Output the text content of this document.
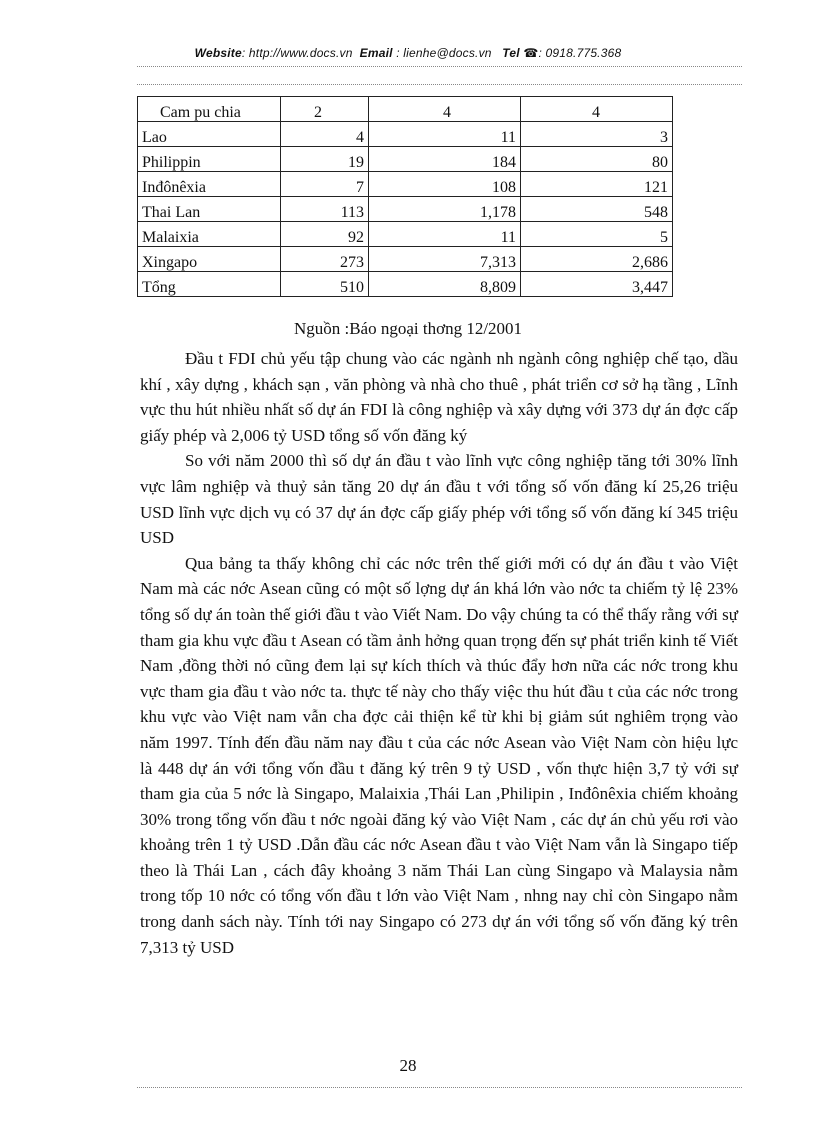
Website: http://www.docs.vn Email : lienhe@docs.vn Tel ☎: 0918.775.368
Cam pu chia	2	4	4
Lao	4	11	3
Philippin	19	184	80
Inđônêxia	7	108	121
Thai Lan	113	1,178	548
Malaixia	92	11	5
Xingapo	273	7,313	2,686
Tổng	510	8,809	3,447
Nguồn :Báo ngoại thơng 12/2001

Đầu t FDI chủ yếu tập chung vào các ngành nh ngành công nghiệp chế tạo, dầu khí , xây dựng , khách sạn , văn phòng và nhà cho thuê , phát triển cơ sở hạ tầng , Lĩnh vực thu hút nhiều nhất số dự án FDI là công nghiệp và xây dựng với 373 dự án đợc cấp giấy phép và 2,006 tỷ USD tổng số vốn đăng ký

So với năm 2000 thì số dự án đầu t vào lĩnh vực công nghiệp tăng tới 30% lĩnh vực lâm nghiệp và thuỷ sản tăng 20 dự án đầu t với tổng số vốn đăng kí 25,26 triệu USD lĩnh vực dịch vụ có 37 dự án đợc cấp giấy phép với tổng số vốn đăng kí 345 triệu USD

Qua bảng ta thấy không chỉ các nớc trên thế giới mới có dự án đầu t vào Việt Nam mà các nớc Asean cũng có một số lợng dự án khá lớn vào nớc ta chiếm tỷ lệ 23% tổng số dự án toàn thế giới đầu t vào Viết Nam. Do vậy chúng ta có thể thấy rằng với sự tham gia khu vực đầu t Asean có tầm ảnh hởng quan trọng đến sự phát triển kinh tế Viết Nam ,đồng thời nó cũng đem lại sự kích thích và thúc đẩy hơn nữa các nớc trong khu vực tham gia đầu t vào nớc ta. thực tế này cho thấy việc thu hút đầu t của các nớc trong khu vực vào Việt nam vẫn cha đợc cải thiện kể từ khi bị giảm sút nghiêm trọng vào năm 1997. Tính đến đầu năm nay đầu t của các nớc Asean vào Việt Nam còn hiệu lực là 448 dự án với tổng vốn đầu t đăng ký trên 9 tỷ USD , vốn thực hiện 3,7 tỷ với sự tham gia của 5 nớc là Singapo, Malaixia ,Thái Lan ,Philipin , Inđônêxia chiếm khoảng 30% trong tổng vốn đầu t nớc ngoài đăng ký vào Việt Nam , các dự án chủ yếu rơi vào khoảng trên 1 tỷ USD .Dẫn đầu các nớc Asean đầu t vào Việt Nam vẫn là Singapo tiếp theo là Thái Lan , cách đây khoảng 3 năm Thái Lan cùng Singapo và Malaysia nằm trong tốp 10 nớc có tổng vốn đầu t lớn vào Việt Nam , nhng nay chỉ còn Singapo nằm trong danh sách này. Tính tới nay Singapo có 273 dự án với tổng số vốn đăng ký trên 7,313 tỷ USD

28
